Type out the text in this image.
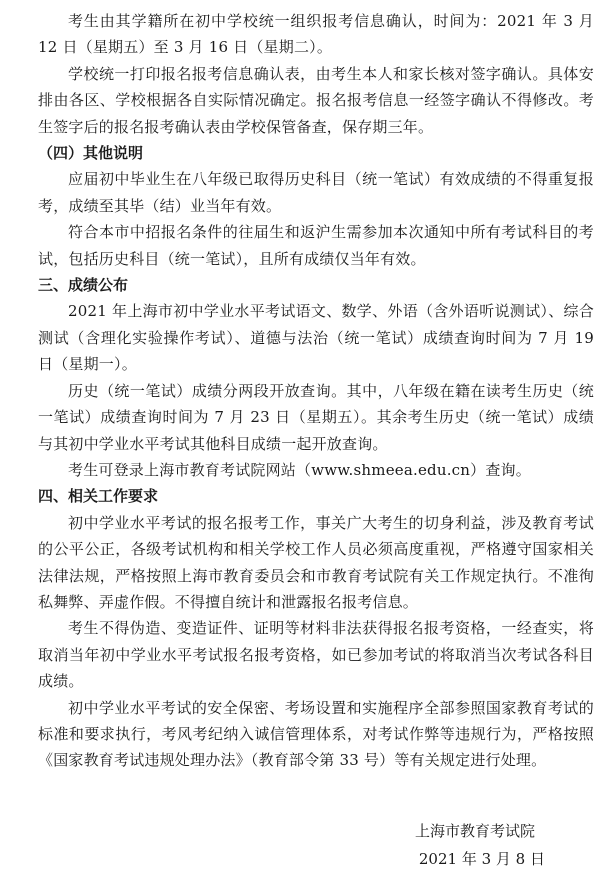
考生由其学籍所在初中学校统一组织报考信息确认，时间为：2021 年 3 月 12 日（星期五）至 3 月 16 日（星期二）。

学校统一打印报名报考信息确认表，由考生本人和家长核对签字确认。具体安排由各区、学校根据各自实际情况确定。报名报考信息一经签字确认不得修改。考生签字后的报名报考确认表由学校保管备查，保存期三年。

（四）其他说明

应届初中毕业生在八年级已取得历史科目（统一笔试）有效成绩的不得重复报考，成绩至其毕（结）业当年有效。

符合本市中招报名条件的往届生和返沪生需参加本次通知中所有考试科目的考试，包括历史科目（统一笔试），且所有成绩仅当年有效。

三、成绩公布

2021 年上海市初中学业水平考试语文、数学、外语（含外语听说测试）、综合测试（含理化实验操作考试）、道德与法治（统一笔试）成绩查询时间为 7 月 19 日（星期一）。

历史（统一笔试）成绩分两段开放查询。其中，八年级在籍在读考生历史（统一笔试）成绩查询时间为 7 月 23 日（星期五）。其余考生历史（统一笔试）成绩与其初中学业水平考试其他科目成绩一起开放查询。

考生可登录上海市教育考试院网站（www.shmeea.edu.cn）查询。

四、相关工作要求

初中学业水平考试的报名报考工作，事关广大考生的切身利益，涉及教育考试的公平公正，各级考试机构和相关学校工作人员必须高度重视，严格遵守国家相关法律法规，严格按照上海市教育委员会和市教育考试院有关工作规定执行。不准徇私舞弊、弄虚作假。不得擅自统计和泄露报名报考信息。

考生不得伪造、变造证件、证明等材料非法获得报名报考资格，一经查实，将取消当年初中学业水平考试报名报考资格，如已参加考试的将取消当次考试各科目成绩。

初中学业水平考试的安全保密、考场设置和实施程序全部参照国家教育考试的标准和要求执行，考风考纪纳入诚信管理体系，对考试作弊等违规行为，严格按照《国家教育考试违规处理办法》（教育部令第 33 号）等有关规定进行处理。

上海市教育考试院
2021 年 3 月 8 日
